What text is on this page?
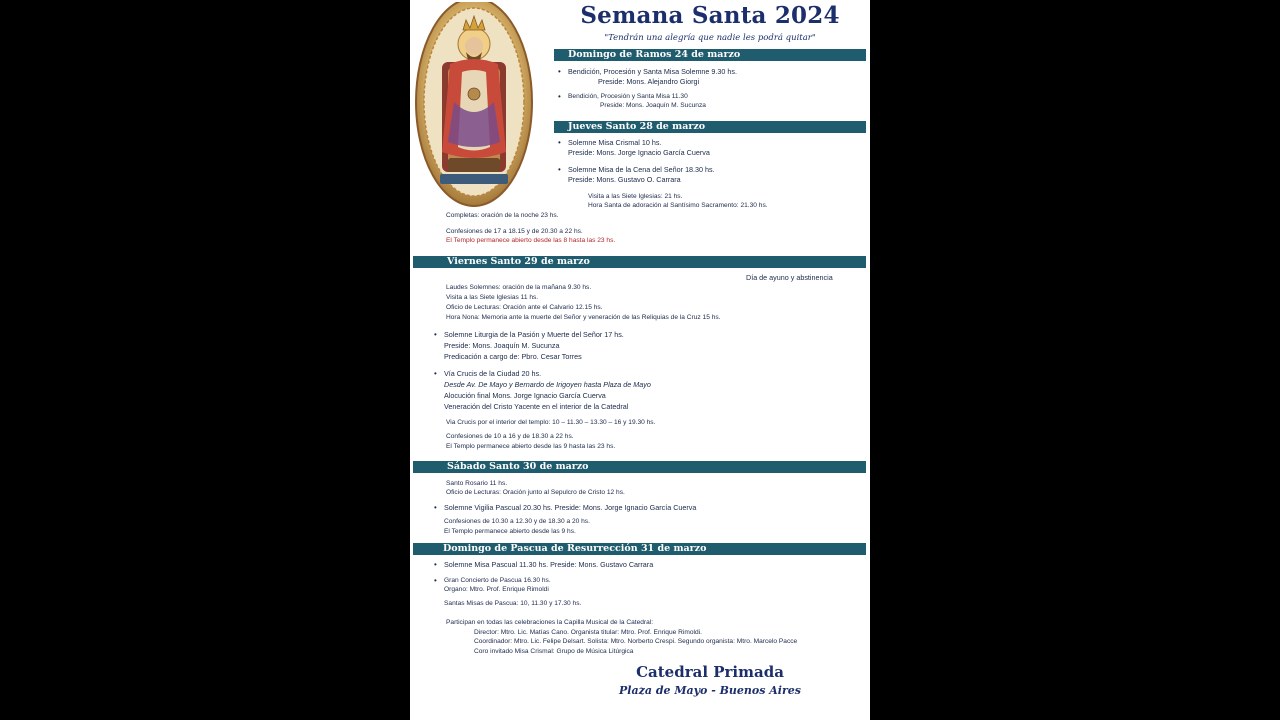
Semana Santa 2024
"Tendrán una alegría que nadie les podrá quitar"
Domingo de Ramos 24 de marzo
• Bendición, Procesión y Santa Misa Solemne 9.30 hs.
Preside: Mons. Alejandro Giorgi
• Bendición, Procesión y Santa Misa 11.30
Preside: Mons. Joaquín M. Sucunza
Jueves Santo 28 de marzo
• Solemne Misa Crismal 10 hs.
Preside: Mons. Jorge Ignacio García Cuerva
• Solemne Misa de la Cena del Señor 18.30 hs.
Preside: Mons. Gustavo O. Carrara
Visita a las Siete Iglesias: 21 hs.
Hora Santa de adoración al Santísimo Sacramento: 21.30 hs.
Completas: oración de la noche 23 hs.
Confesiones de 17 a 18.15 y de 20.30 a 22 hs.
El Templo permanece abierto desde las 8 hasta las 23 hs.
Viernes Santo 29 de marzo
Día de ayuno y abstinencia
Laudes Solemnes: oración de la mañana 9.30 hs.
Visita a las Siete Iglesias 11 hs.
Oficio de Lecturas: Oración ante el Calvario 12.15 hs.
Hora Nona: Memoria ante la muerte del Señor y veneración de las Reliquias de la Cruz 15 hs.
• Solemne Liturgia de la Pasión y Muerte del Señor 17 hs.
Preside: Mons. Joaquín M. Sucunza
Predicación a cargo de: Pbro. Cesar Torres
• Vía Crucis de la Ciudad 20 hs.
Desde Av. De Mayo y Bernardo de Irigoyen hasta Plaza de Mayo
Alocución final Mons. Jorge Ignacio García Cuerva
Veneración del Cristo Yacente en el interior de la Catedral
Via Crucis por el interior del templo: 10 – 11.30 – 13.30 – 16 y 19.30 hs.
Confesiones de 10 a 16 y de 18.30 a 22 hs.
El Templo permanece abierto desde las 9 hasta las 23 hs.
Sábado Santo 30 de marzo
Santo Rosario 11 hs.
Oficio de Lecturas: Oración junto al Sepulcro de Cristo 12 hs.
• Solemne Vigilia Pascual 20.30 hs. Preside: Mons. Jorge Ignacio García Cuerva
Confesiones de 10.30 a 12.30 y de 18.30 a 20 hs.
El Templo permanece abierto desde las 9 hs.
Domingo de Pascua de Resurrección 31 de marzo
• Solemne Misa Pascual 11.30 hs. Preside: Mons. Gustavo Carrara
• Gran Concierto de Pascua 16.30 hs.
Organo: Mtro. Prof. Enrique Rimoldi
Santas Misas de Pascua: 10, 11.30 y 17.30 hs.
Participan en todas las celebraciones la Capilla Musical de la Catedral:
Director: Mtro. Lic. Matías Cano. Organista titular: Mtro. Prof. Enrique Rimoldi.
Coordinador: Mtro. Lic. Felipe Delsart. Solista: Mtro. Norberto Crespi. Segundo organista: Mtro. Marcelo Pacce
Coro invitado Misa Crismal: Grupo de Música Litúrgica
Catedral Primada
Plaza de Mayo - Buenos Aires
